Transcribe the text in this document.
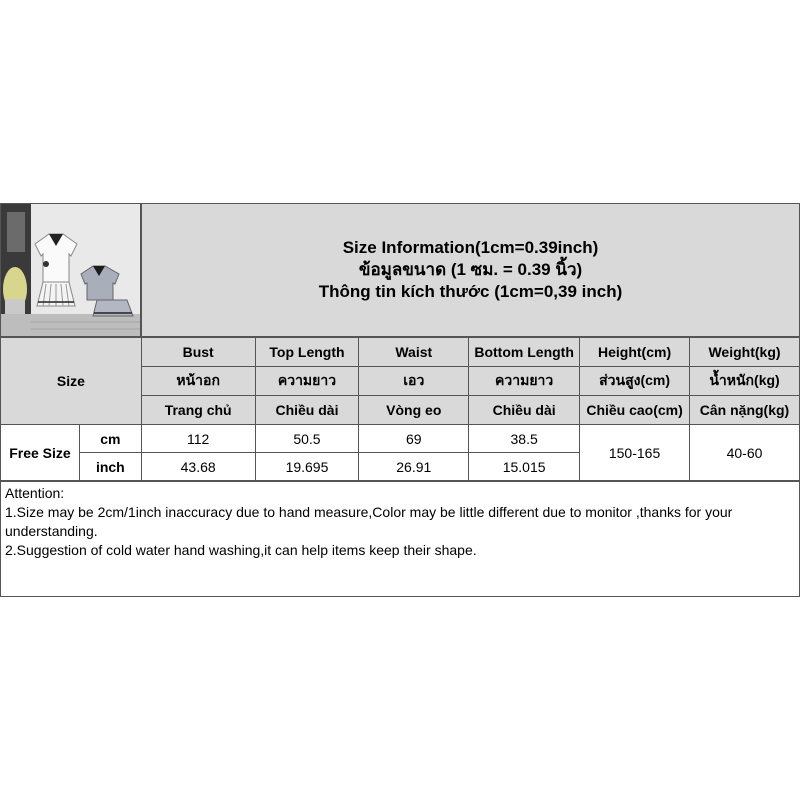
Size Information(1cm=0.39inch)
ข้อมูลขนาด (1 ซม. = 0.39 นิ้ว)
Thông tin kích thước (1cm=0,39 inch)
Size		Bust	Top Length	Waist	Bottom Length	Height(cm)	Weight(kg)
		หน้าอก	ความยาว	เอว	ความยาว	ส่วนสูง(cm)	น้ำหนัก(kg)
		Trang chủ	Chiều dài	Vòng eo	Chiều dài	Chiều cao(cm)	Cân nặng(kg)
Free Size	cm	112	50.5	69	38.5	150-165	40-60
	inch	43.68	19.695	26.91	15.015		
Attention:
1.Size may be 2cm/1inch inaccuracy due to hand measure,Color may be little different due to monitor ,thanks for your understanding.
2.Suggestion of cold water hand washing,it can help items keep their shape.
